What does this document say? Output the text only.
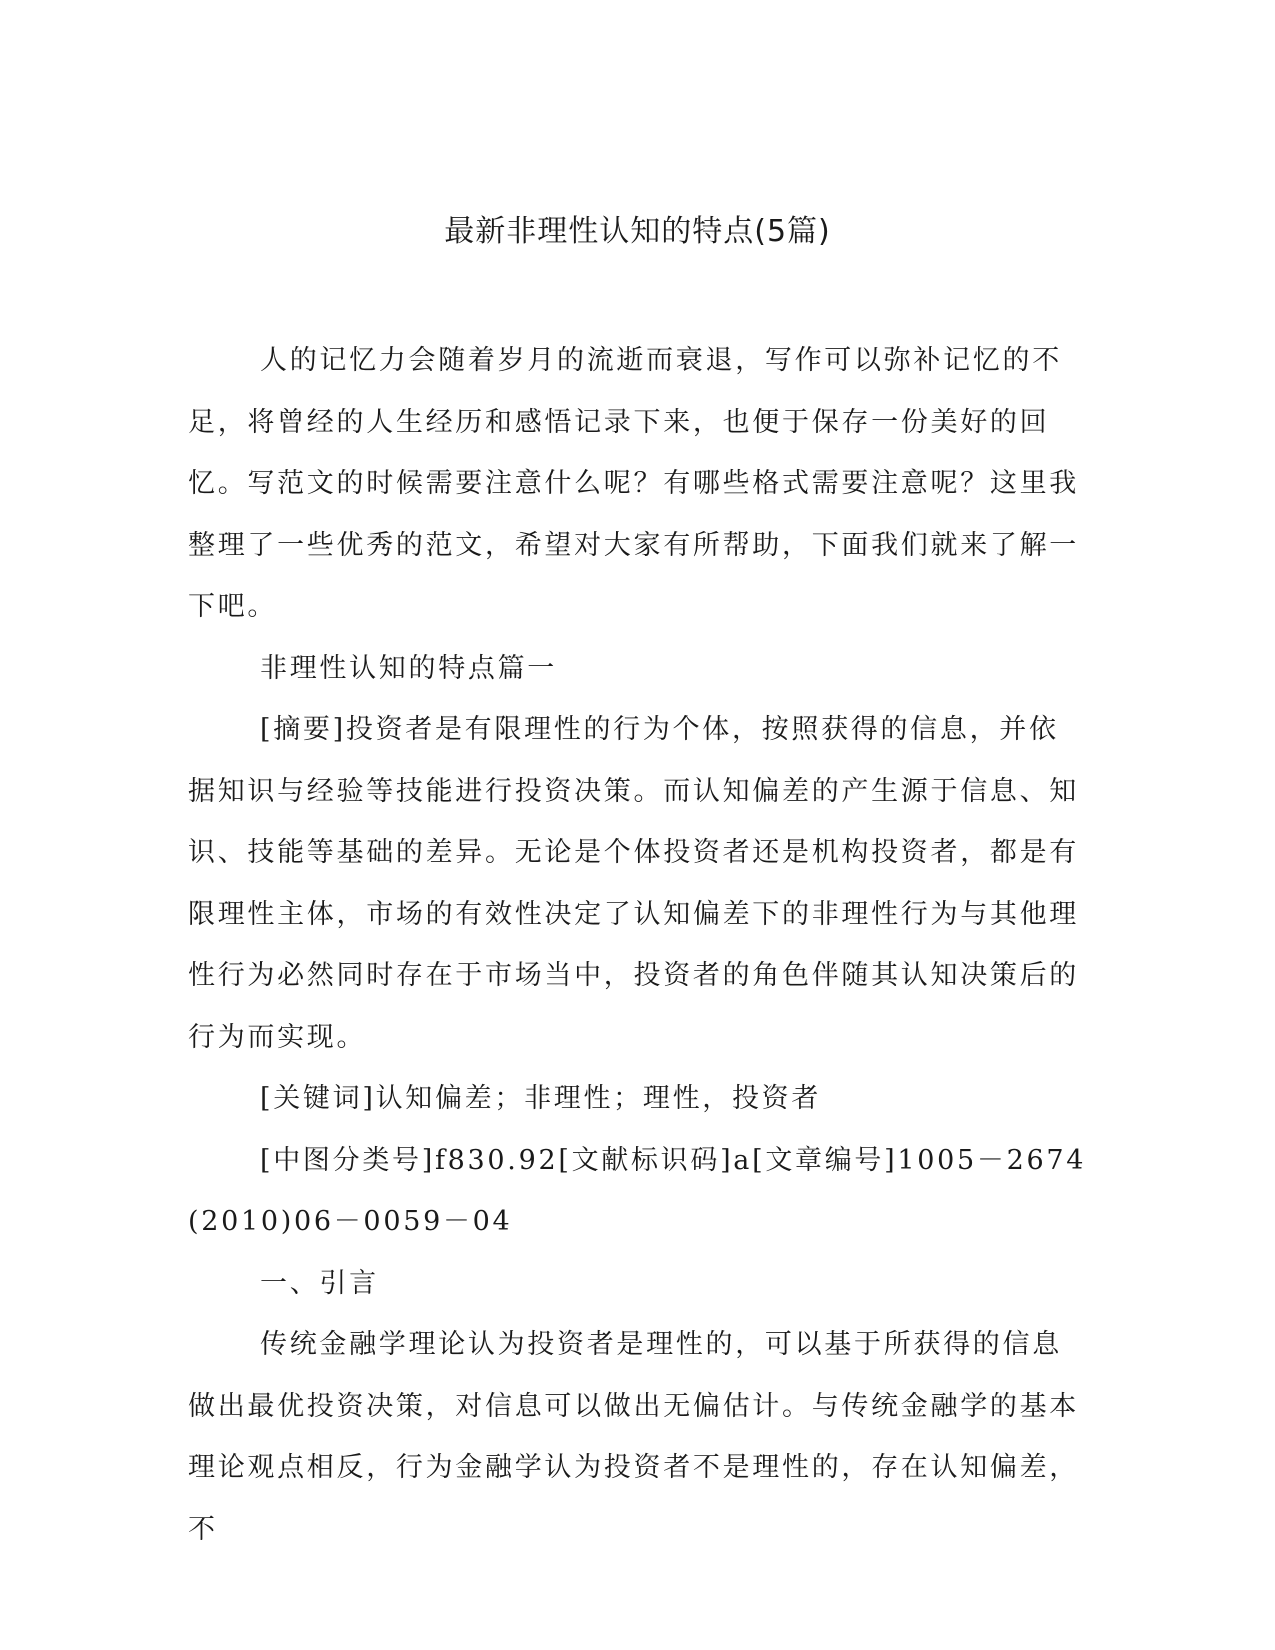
最新非理性认知的特点(5篇)

人的记忆力会随着岁月的流逝而衰退，写作可以弥补记忆的不足，将曾经的人生经历和感悟记录下来，也便于保存一份美好的回忆。写范文的时候需要注意什么呢？有哪些格式需要注意呢？这里我整理了一些优秀的范文，希望对大家有所帮助，下面我们就来了解一下吧。

非理性认知的特点篇一

[摘要]投资者是有限理性的行为个体，按照获得的信息，并依据知识与经验等技能进行投资决策。而认知偏差的产生源于信息、知识、技能等基础的差异。无论是个体投资者还是机构投资者，都是有限理性主体，市场的有效性决定了认知偏差下的非理性行为与其他理性行为必然同时存在于市场当中，投资者的角色伴随其认知决策后的行为而实现。

[关键词]认知偏差；非理性；理性，投资者

[中图分类号]f830.92[文献标识码]a[文章编号]1005－2674(2010)06－0059－04

一、引言

传统金融学理论认为投资者是理性的，可以基于所获得的信息做出最优投资决策，对信息可以做出无偏估计。与传统金融学的基本理论观点相反，行为金融学认为投资者不是理性的，存在认知偏差，不
